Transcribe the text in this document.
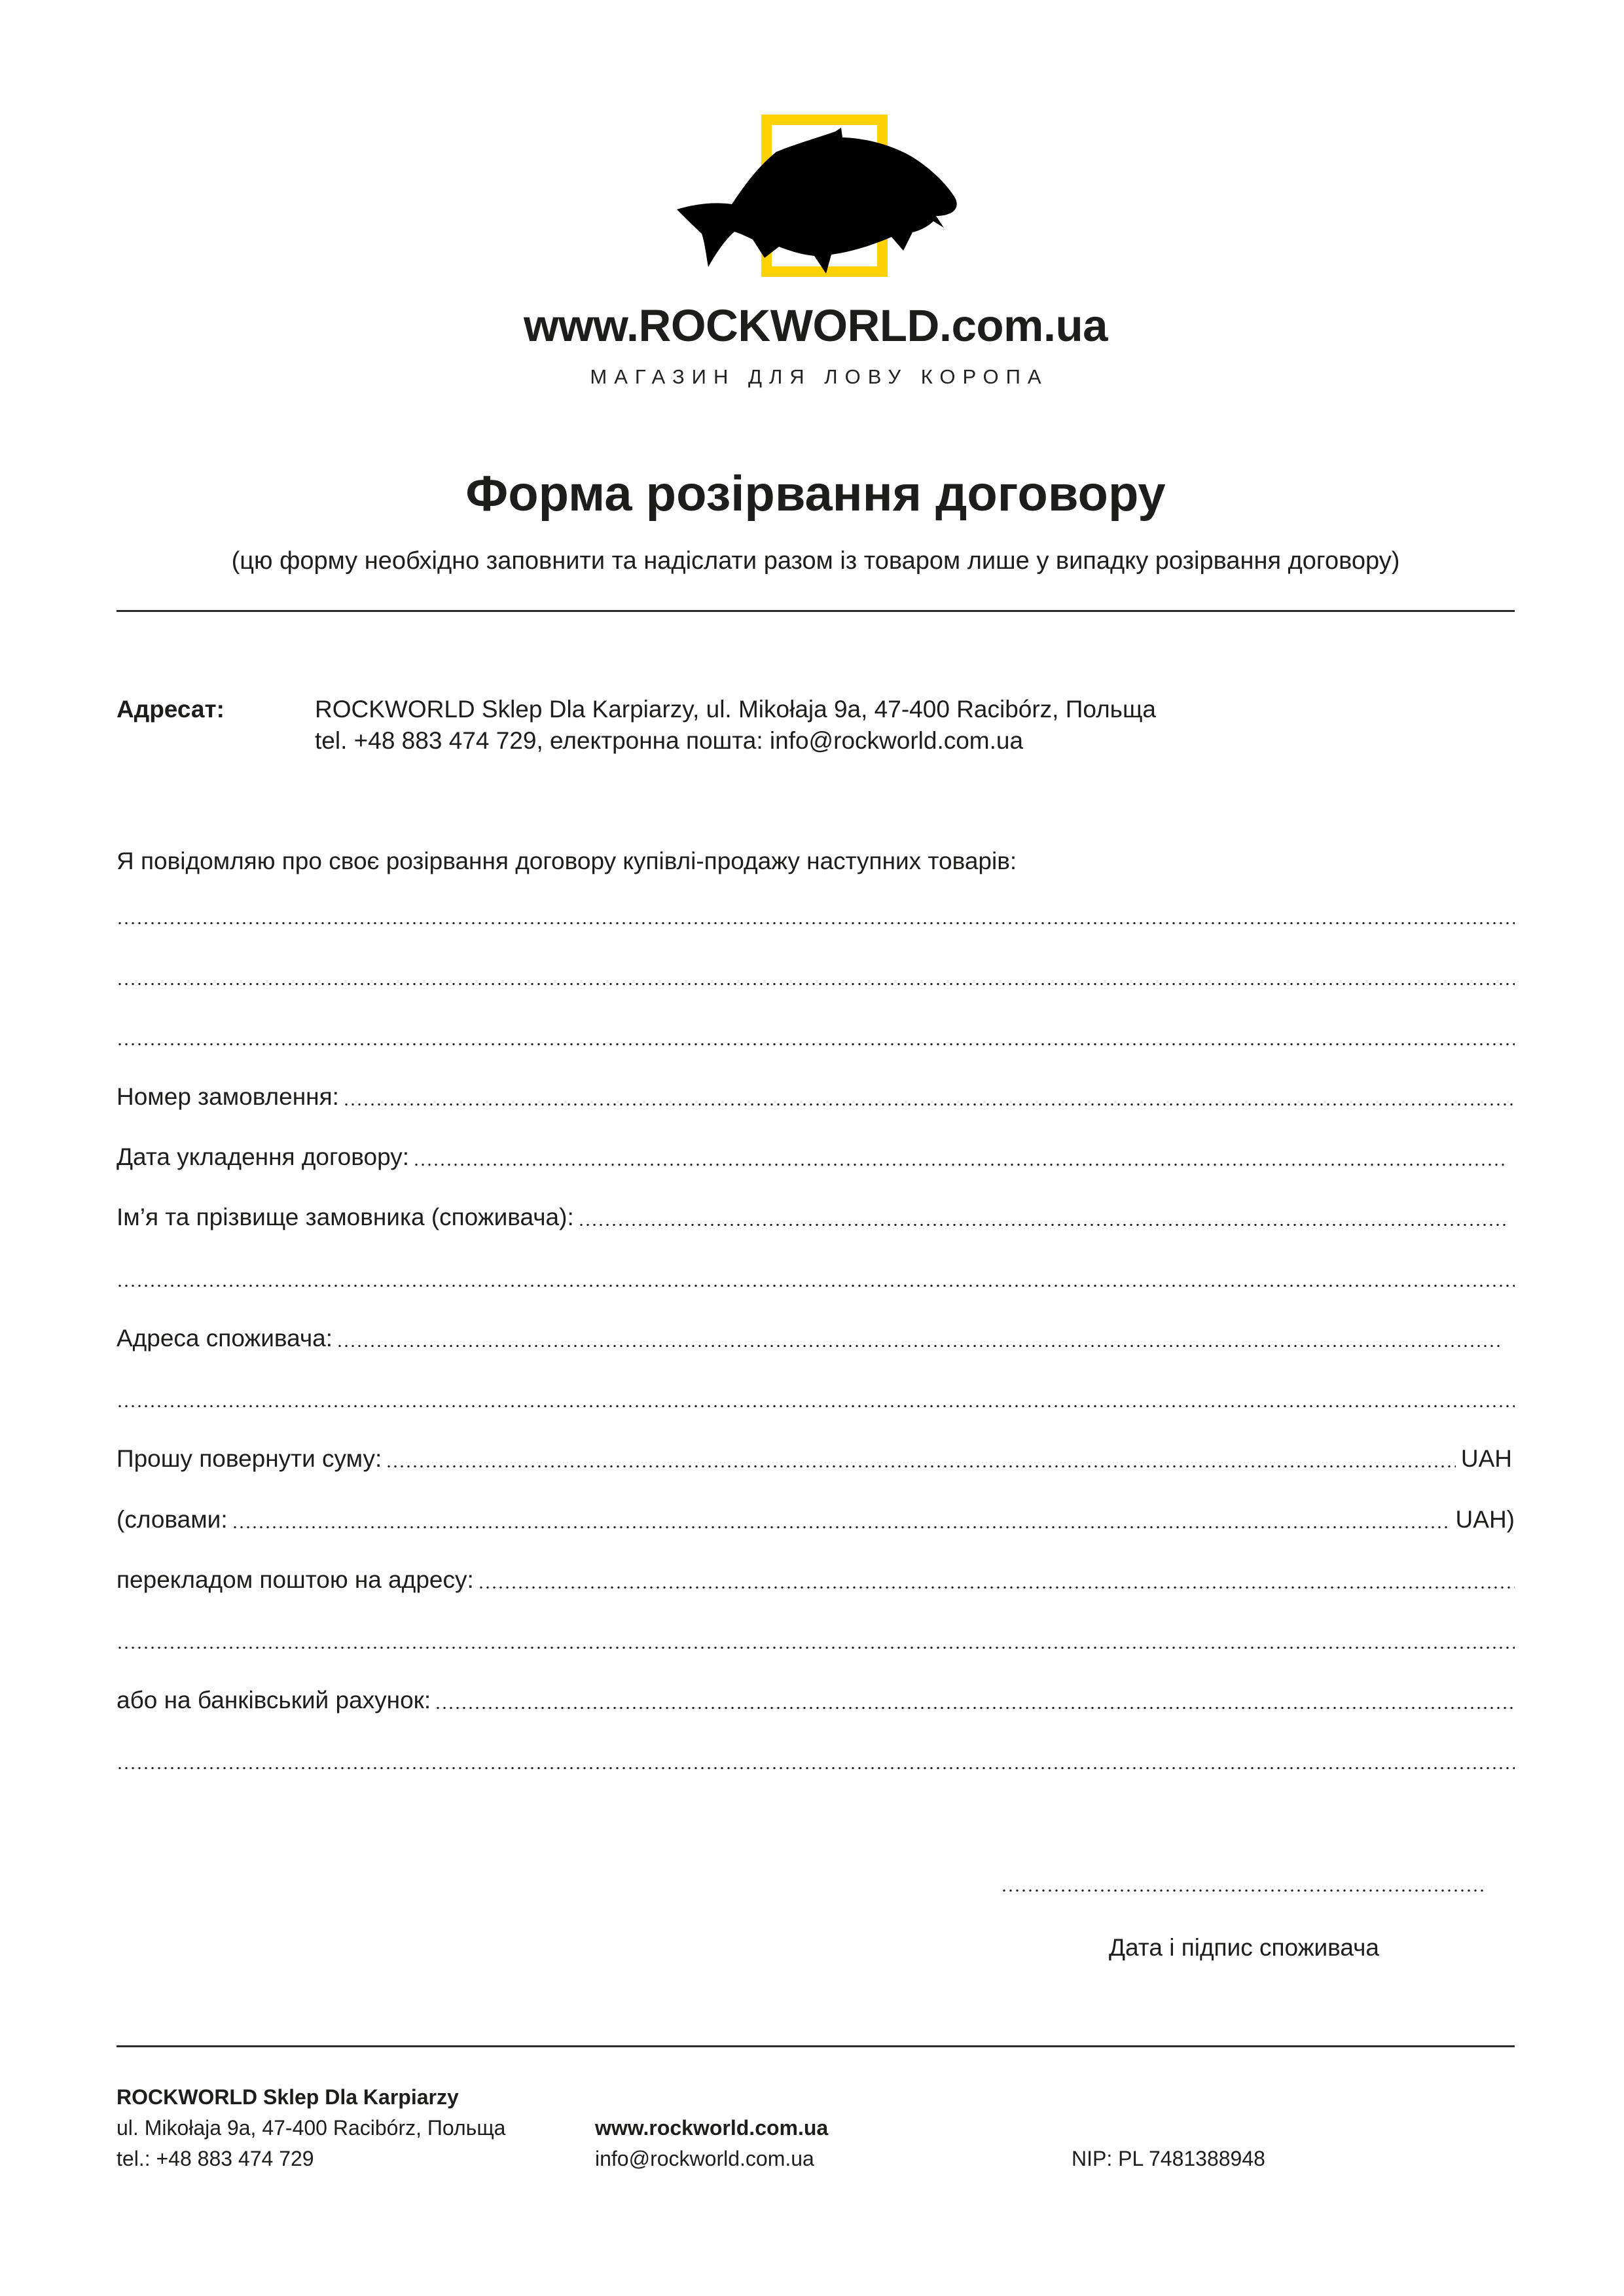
www.ROCKWORLD.com.ua
МАГАЗИН ДЛЯ ЛОВУ КОРОПА
Форма розірвання договору
(цю форму необхідно заповнити та надіслати разом із товаром лише у випадку розірвання договору)
Адресат:	ROCKWORLD Sklep Dla Karpiarzy, ul. Mikołaja 9a, 47-400 Racibórz, Польща
tel. +48 883 474 729, електронна пошта: info@rockworld.com.ua
Я повідомляю про своє розірвання договору купівлі-продажу наступних товарів:
Номер замовлення:
Дата укладення договору:
Ім’я та прізвище замовника (споживача):
Адреса споживача:
Прошу повернути суму:	UAH
(словами:	UAH)
перекладом поштою на адресу:
або на банківський рахунок:
Дата і підпис споживача
ROCKWORLD Sklep Dla Karpiarzy
ul. Mikołaja 9a, 47-400 Racibórz, Польща
tel.: +48 883 474 729
www.rockworld.com.ua
info@rockworld.com.ua	NIP: PL 7481388948
